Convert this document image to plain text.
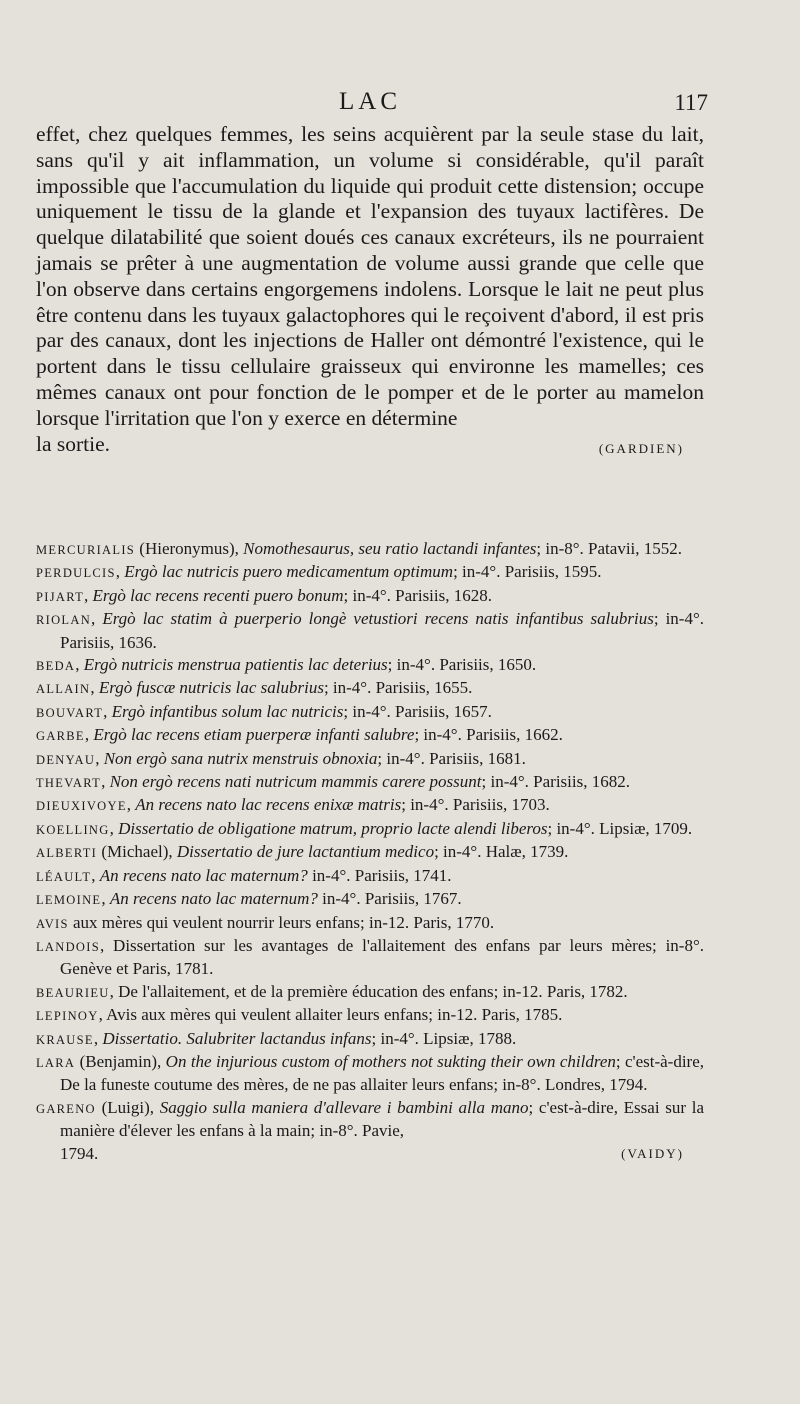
LAC	117

effet, chez quelques femmes, les seins acquièrent par la seule stase du lait, sans qu'il y ait inflammation, un volume si considérable, qu'il paraît impossible que l'accumulation du liquide qui produit cette distension; occupe uniquement le tissu de la glande et l'expansion des tuyaux lactifères. De quelque dilatabilité que soient doués ces canaux excréteurs, ils ne pourraient jamais se prêter à une augmentation de volume aussi grande que celle que l'on observe dans certains engorgemens indolens. Lorsque le lait ne peut plus être contenu dans les tuyaux galactophores qui le reçoivent d'abord, il est pris par des canaux, dont les injections de Haller ont démontré l'existence, qui le portent dans le tissu cellulaire graisseux qui environne les mamelles; ces mêmes canaux ont pour fonction de le pomper et de le porter au mamelon lorsque l'irritation que l'on y exerce en détermine

la sortie.	(GARDIEN)

MERCURIALIS (Hieronymus), Nomothesaurus, seu ratio lactandi infantes; in-8°. Patavii, 1552.

PERDULCIS, Ergò lac nutricis puero medicamentum optimum; in-4°. Parisiis, 1595.

PIJART, Ergò lac recens recenti puero bonum; in-4°. Parisiis, 1628.

RIOLAN, Ergò lac statim à puerperio longè vetustiori recens natis infantibus salubrius; in-4°. Parisiis, 1636.

BEDA, Ergò nutricis menstrua patientis lac deterius; in-4°. Parisiis, 1650.

ALLAIN, Ergò fuscæ nutricis lac salubrius; in-4°. Parisiis, 1655.

BOUVART, Ergò infantibus solum lac nutricis; in-4°. Parisiis, 1657.

GARBE, Ergò lac recens etiam puerperæ infanti salubre; in-4°. Parisiis, 1662.

DENYAU, Non ergò sana nutrix menstruis obnoxia; in-4°. Parisiis, 1681.

THEVART, Non ergò recens nati nutricum mammis carere possunt; in-4°. Parisiis, 1682.

DIEUXIVOYE, An recens nato lac recens enixæ matris; in-4°. Parisiis, 1703.

KOELLING, Dissertatio de obligatione matrum, proprio lacte alendi liberos; in-4°. Lipsiæ, 1709.

ALBERTI (Michael), Dissertatio de jure lactantium medico; in-4°. Halæ, 1739.

LÉAULT, An recens nato lac maternum? in-4°. Parisiis, 1741.

LEMOINE, An recens nato lac maternum? in-4°. Parisiis, 1767.

AVIS aux mères qui veulent nourrir leurs enfans; in-12. Paris, 1770.

LANDOIS, Dissertation sur les avantages de l'allaitement des enfans par leurs mères; in-8°. Genève et Paris, 1781.

BEAURIEU, De l'allaitement, et de la première éducation des enfans; in-12. Paris, 1782.

LEPINOY, Avis aux mères qui veulent allaiter leurs enfans; in-12. Paris, 1785.

KRAUSE, Dissertatio. Salubriter lactandus infans; in-4°. Lipsiæ, 1788.

LARA (Benjamin), On the injurious custom of mothers not sukting their own children; c'est-à-dire, De la funeste coutume des mères, de ne pas allaiter leurs enfans; in-8°. Londres, 1794.

GARENO (Luigi), Saggio sulla maniera d'allevare i bambini alla mano; c'est-à-dire, Essai sur la manière d'élever les enfans à la main; in-8°. Pavie,

1794.	(VAIDY)
